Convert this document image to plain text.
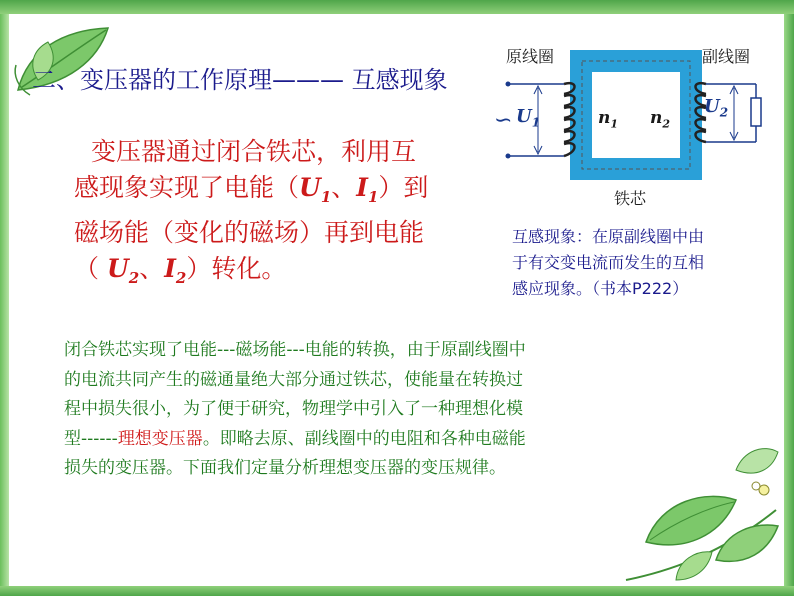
二、变压器的工作原理——— 互感现象
变压器通过闭合铁芯，利用互
感现象实现了电能（$U_1$、$I_1$）到
磁场能（变化的磁场）再到电能
（ $U_2$、$I_2$）转化。
原线圈	副线圈
铁芯
∽ $U_1$	$n_1$ $n_2$
$U_2$
互感现象：在原副线圈中由
于有交变电流而发生的互相
感应现象。（书本P222）
闭合铁芯实现了电能---磁场能---电能的转换，由于原副线圈中
的电流共同产生的磁通量绝大部分通过铁芯，使能量在转换过
程中损失很小，为了便于研究，物理学中引入了一种理想化模
型------理想变压器。即略去原、副线圈中的电阻和各种电磁能
损失的变压器。下面我们定量分析理想变压器的变压规律。
